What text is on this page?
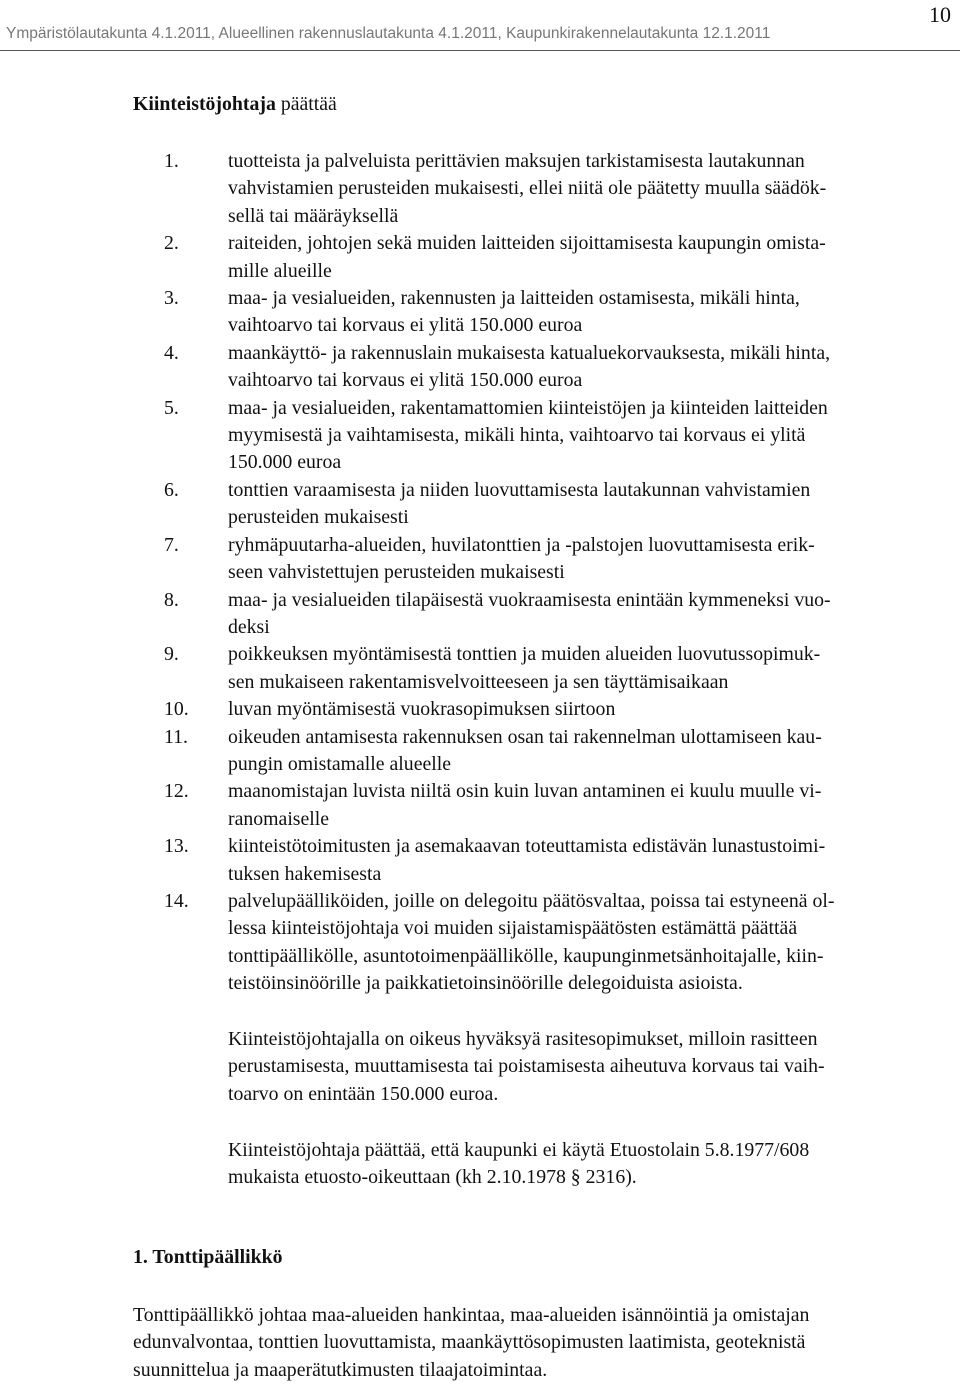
10
Ympäristölautakunta 4.1.2011, Alueellinen rakennuslautakunta 4.1.2011, Kaupunkirakennelautakunta 12.1.2011
Kiinteistöjohtaja päättää
1. tuotteista ja palveluista perittävien maksujen tarkistamisesta lautakunnan
vahvistamien perusteiden mukaisesti, ellei niitä ole päätetty muulla säädök-
sellä tai määräyksellä
2. raiteiden, johtojen sekä muiden laitteiden sijoittamisesta kaupungin omista-
mille alueille
3. maa- ja vesialueiden, rakennusten ja laitteiden ostamisesta, mikäli hinta,
vaihtoarvo tai korvaus ei ylitä 150.000 euroa
4. maankäyttö- ja rakennuslain mukaisesta katualuekorvauksesta, mikäli hinta,
vaihtoarvo tai korvaus ei ylitä 150.000 euroa
5. maa- ja vesialueiden, rakentamattomien kiinteistöjen ja kiinteiden laitteiden
myymisestä ja vaihtamisesta, mikäli hinta, vaihtoarvo tai korvaus ei ylitä
150.000 euroa
6. tonttien varaamisesta ja niiden luovuttamisesta lautakunnan vahvistamien
perusteiden mukaisesti
7. ryhmäpuutarha-alueiden, huvilatonttien ja -palstojen luovuttamisesta erik-
seen vahvistettujen perusteiden mukaisesti
8. maa- ja vesialueiden tilapäisestä vuokraamisesta enintään kymmeneksi vuo-
deksi
9. poikkeuksen myöntämisestä tonttien ja muiden alueiden luovutussopimuk-
sen mukaiseen rakentamisvelvoitteeseen ja sen täyttämisaikaan
10. luvan myöntämisestä vuokrasopimuksen siirtoon
11. oikeuden antamisesta rakennuksen osan tai rakennelman ulottamiseen kau-
pungin omistamalle alueelle
12. maanomistajan luvista niiltä osin kuin luvan antaminen ei kuulu muulle vi-
ranomaiselle
13. kiinteistötoimitusten ja asemakaavan toteuttamista edistävän lunastustoimi-
tuksen hakemisesta
14. palvelupäälliköiden, joille on delegoitu päätösvaltaa, poissa tai estyneenä ol-
lessa kiinteistöjohtaja voi muiden sijaistamispäätösten estämättä päättää
tonttipäällikölle, asuntotoimenpäällikölle, kaupunginmetsänhoitajalle, kiin-
teistöinsinöörille ja paikkatietoinsinöörille delegoiduista asioista.
Kiinteistöjohtajalla on oikeus hyväksyä rasitesopimukset, milloin rasitteen
perustamisesta, muuttamisesta tai poistamisesta aiheutuva korvaus tai vaih-
toarvo on enintään 150.000 euroa.
Kiinteistöjohtaja päättää, että kaupunki ei käytä Etuostolain 5.8.1977/608
mukaista etuosto-oikeuttaan (kh 2.10.1978 § 2316).
1. Tonttipäällikkö
Tonttipäällikkö johtaa maa-alueiden hankintaa, maa-alueiden isännöintiä ja omistajan
edunvalvontaa, tonttien luovuttamista, maankäyttösopimusten laatimista, geoteknistä
suunnittelua ja maaperätutkimusten tilaajatoimintaa.
